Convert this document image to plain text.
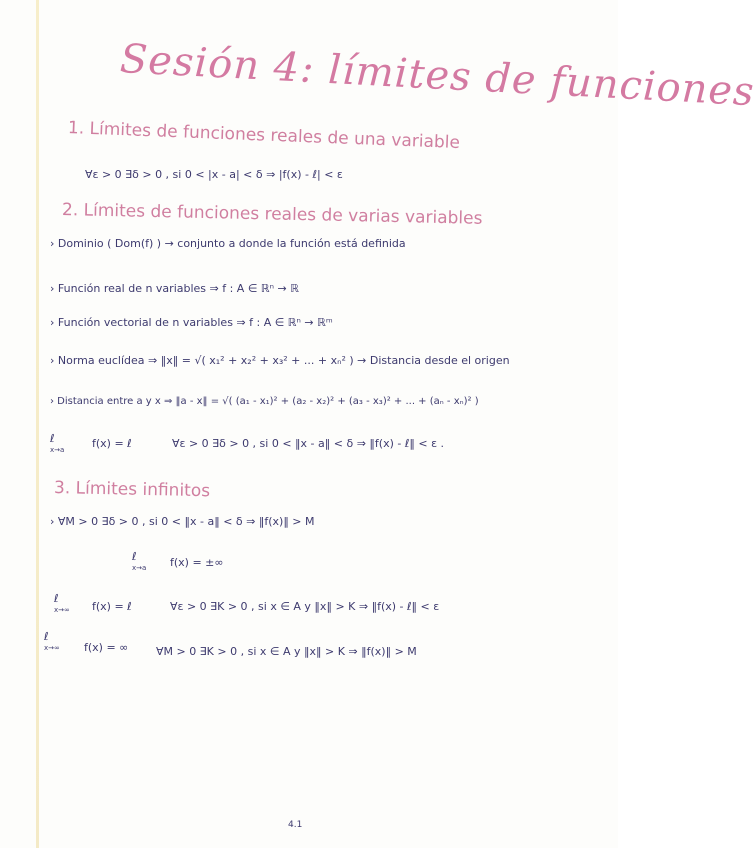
Sesión 4: límites de funciones
1. Límites de funciones reales de una variable
∀ε > 0 ∃δ > 0 , si 0 < |x - a| < δ ⇒ |f(x) - ℓ| < ε
2. Límites de funciones reales de varias variables
› Dominio ( Dom(f) ) → conjunto a donde la función está definida
› Función real de n variables ⇒ f : A ∈ ℝⁿ → ℝ
› Función vectorial de n variables ⇒ f : A ∈ ℝⁿ → ℝᵐ
› Norma euclídea ⇒ ‖x‖ = √( x₁² + x₂² + x₃² + ... + xₙ² ) → Distancia desde el origen
› Distancia entre a y x ⇒ ‖a - x‖ = √( (a₁ - x₁)² + (a₂ - x₂)² + (a₃ - x₃)² + ... + (aₙ - xₙ)² )
ℓ
x→a	f(x) = ℓ	∀ε > 0 ∃δ > 0 , si 0 < ‖x - a‖ < δ ⇒ ‖f(x) - ℓ‖ < ε .
3. Límites infinitos
› ∀M > 0 ∃δ > 0 , si 0 < ‖x - a‖ < δ ⇒ ‖f(x)‖ > M
ℓ
x→a f(x) = ±∞
ℓ
x→∞ f(x) = ℓ	∀ε > 0 ∃K > 0 , si x ∈ A y ‖x‖ > K ⇒ ‖f(x) - ℓ‖ < ε
ℓ
x→∞ f(x) = ∞	∀M > 0 ∃K > 0 , si x ∈ A y ‖x‖ > K ⇒ ‖f(x)‖ > M
4.1
